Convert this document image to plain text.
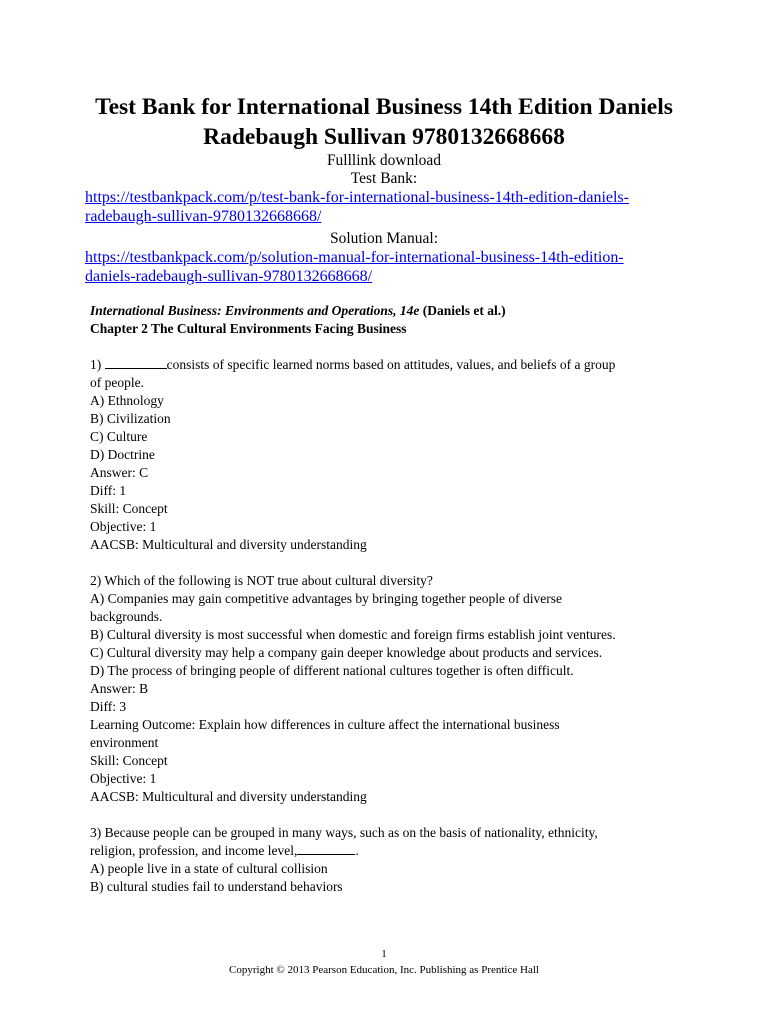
Test Bank for International Business 14th Edition Daniels

Radebaugh Sullivan 9780132668668

Fulllink download

Test Bank:

https://testbankpack.com/p/test-bank-for-international-business-14th-edition-daniels-
radebaugh-sullivan-9780132668668/

Solution Manual:

https://testbankpack.com/p/solution-manual-for-international-business-14th-edition-
daniels-radebaugh-sullivan-9780132668668/

International Business: Environments and Operations, 14e (Daniels et al.)

Chapter 2 The Cultural Environments Facing Business

1)	consists of specific learned norms based on attitudes, values, and beliefs of a group

of people.

A) Ethnology

B) Civilization

C) Culture

D) Doctrine

Answer: C

Diff: 1

Skill: Concept

Objective: 1

AACSB: Multicultural and diversity understanding

2) Which of the following is NOT true about cultural diversity?

A) Companies may gain competitive advantages by bringing together people of diverse

backgrounds.

B) Cultural diversity is most successful when domestic and foreign firms establish joint ventures.

C) Cultural diversity may help a company gain deeper knowledge about products and services.

D) The process of bringing people of different national cultures together is often difficult.

Answer: B

Diff: 3

Learning Outcome: Explain how differences in culture affect the international business

environment

Skill: Concept

Objective: 1

AACSB: Multicultural and diversity understanding

3) Because people can be grouped in many ways, such as on the basis of nationality, ethnicity,

religion, profession, and income level,	.

A) people live in a state of cultural collision

B) cultural studies fail to understand behaviors

1
Copyright © 2013 Pearson Education, Inc. Publishing as Prentice Hall
